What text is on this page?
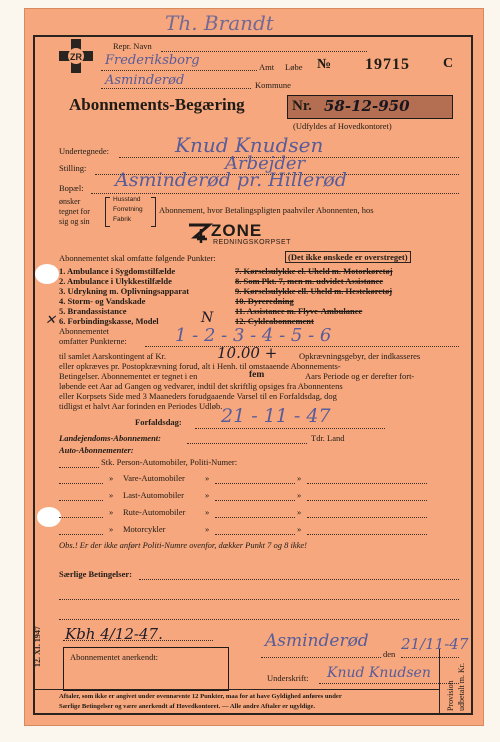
Th. Brandt
ZR
Repr. Navn
Frederiksborg	Amt Løbe № 19715 C
Asminderød	Kommune
Abonnements-Begæring	Nr. 58-12-950
(Udfyldes af Hovedkontoret)
Undertegnede:	Knud Knudsen
Stilling:	Arbejder
Bopæl: Asminderød pr. Hillerød
ønsker
tegnet for
sig og sin
Husstand
Forretning
Fabrik
Abonnement, hvor Betalingspligten paahviler Abonnenten, hos
ZONE
REDNINGSKORPSET
Abonnementet skal omfatte følgende Punkter:	(Det ikke ønskede er overstreget)
1. Ambulance i Sygdomstilfælde
2. Ambulance i Ulykkestilfælde
3. Udrykning m. Oplivningsapparat
4. Storm- og Vandskade
5. Brandassistance
6. Forbindingskasse, Model	N
✕
7. Kørselsulykke el. Uheld m. Motorkøretøj
8. Som Pkt. 7, men m. udvidet Assistance
9. Kørselsulykke ell. Uheld m. Hestekøretøj
10. Dyreredning
11. Assistance m. Flyve-Ambulance
12. Cykleabonnement
Abonnementet
omfatter Punkterne:	1 - 2 - 3 - 4 - 5 - 6
til samlet Aarskontingent af Kr.	10.00 +	Opkrævningsgebyr, der indkasseres
eller opkræves pr. Postopkrævning forud, alt i Henh. til omstaaende Abonnements-
Betingelser. Abonnementet er tegnet i en	fem	Aars Periode og er derefter fort-
løbende eet Aar ad Gangen og vedvarer, indtil det skriftlig opsiges fra Abonnentens
eller Korpsets Side med 3 Maaneders forudgaaende Varsel til en Forfaldsdag, dog
tidligst et halvt Aar forinden en Periodes Udløb.
Forfaldsdag: 21 - 11 - 47
Landejendoms-Abonnement:	Tdr. Land
Auto-Abonnementer:
Stk. Person-Automobiler, Politi-Numer:
» Vare-Automobiler »	»
» Last-Automobiler »	»
» Rute-Automobiler »	»
» Motorcykler	»	»
Obs.! Er der ikke anført Politi-Numre ovenfor, dækker Punkt 7 og 8 ikke!
Særlige Betingelser:
12. XI. 1947 Kbh 4/12-47.
Abonnementet anerkendt:
Asminderød
den
21/11-47
Underskrift: Knud Knudsen
Aftaler, som ikke er angivet under ovennævnte 12 Punkter, maa for at have Gyldighed anføres under
Særlige Betingelser og være anerkendt af Hovedkontoret. — Alle andre Aftaler er ugyldige.	Provision udbetalt m. Kr.
